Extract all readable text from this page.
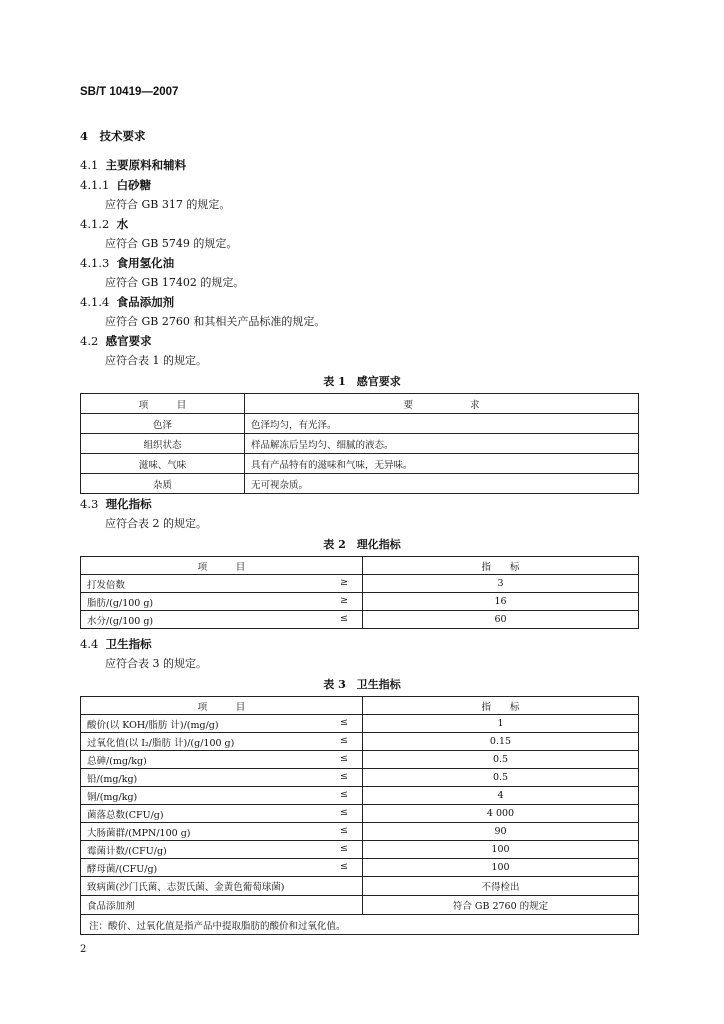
SB/T 10419—2007
4　技术要求
4.1 主要原料和辅料
4.1.1 白砂糖
应符合 GB 317 的规定。
4.1.2 水
应符合 GB 5749 的规定。
4.1.3 食用氢化油
应符合 GB 17402 的规定。
4.1.4 食品添加剂
应符合 GB 2760 和其相关产品标准的规定。
4.2 感官要求
应符合表 1 的规定。
表 1　感官要求
项    目	要       求
色泽	色泽均匀，有光泽。
组织状态	样品解冻后呈均匀、细腻的液态。
滋味、气味	具有产品特有的滋味和气味，无异味。
杂质	无可视杂质。
4.3 理化指标
应符合表 2 的规定。
表 2　理化指标
项    目	指   标

打发倍数 ≥	3

脂肪/(g/100 g) ≥	16

水分/(g/100 g) ≤	60
4.4 卫生指标
应符合表 3 的规定。
表 3　卫生指标
项    目	指   标

酸价(以 KOH/脂肪 计)/(mg/g) ≤	1

过氧化值(以 I₂/脂肪 计)/(g/100 g) ≤	0.15

总砷/(mg/kg) ≤	0.5

铅/(mg/kg) ≤	0.5

铜/(mg/kg) ≤	4

菌落总数(CFU/g) ≤	4 000

大肠菌群/(MPN/100 g) ≤	90

霉菌计数/(CFU/g) ≤	100

酵母菌/(CFU/g) ≤	100
致病菌(沙门氏菌、志贺氏菌、金黄色葡萄球菌)	不得检出
食品添加剂	符合 GB 2760 的规定
注：酸价、过氧化值是指产品中提取脂肪的酸价和过氧化值。	
2
